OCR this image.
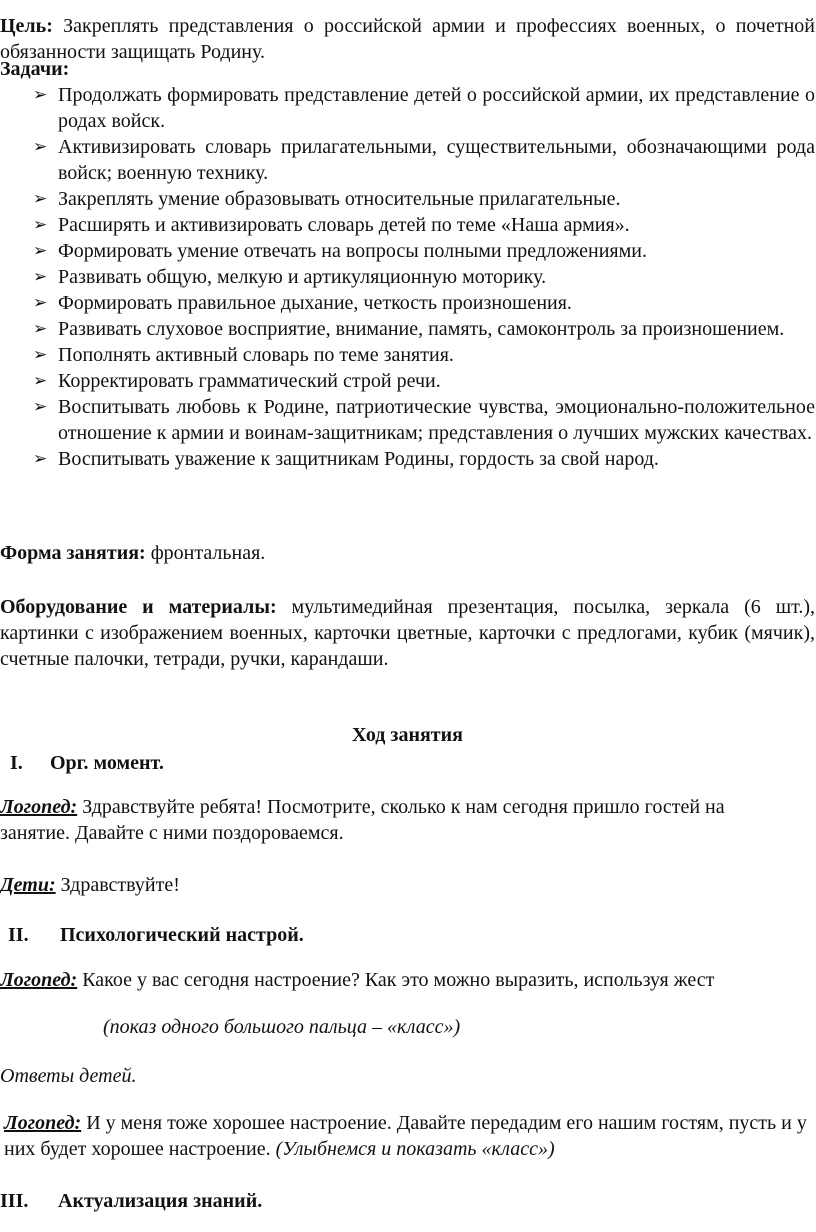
Цель: Закреплять представления о российской армии и профессиях военных, о почетной обязанности защищать Родину.

Задачи:

➢ Продолжать формировать представление детей о российской армии, их представление о родах войск.
➢ Активизировать словарь прилагательными, существительными, обозначающими рода войск; военную технику.
➢ Закреплять умение образовывать относительные прилагательные.
➢ Расширять и активизировать словарь детей по теме «Наша армия».
➢ Формировать умение отвечать на вопросы полными предложениями.
➢ Развивать общую, мелкую и артикуляционную моторику.
➢ Формировать правильное дыхание, четкость произношения.
➢ Развивать слуховое восприятие, внимание, память, самоконтроль за произношением.
➢ Пополнять активный словарь по теме занятия.
➢ Корректировать грамматический строй речи.
➢ Воспитывать любовь к Родине, патриотические чувства, эмоционально-положительное отношение к армии и воинам-защитникам; представления о лучших мужских качествах.
➢ Воспитывать уважение к защитникам Родины, гордость за свой народ.

Форма занятия: фронтальная.

Оборудование и материалы: мультимедийная презентация, посылка, зеркала (6 шт.), картинки с изображением военных, карточки цветные, карточки с предлогами, кубик (мячик), счетные палочки, тетради, ручки, карандаши.

Ход занятия

I. Орг. момент.

Логопед: Здравствуйте ребята! Посмотрите, сколько к нам сегодня пришло гостей на занятие. Давайте с ними поздороваемся.

Дети: Здравствуйте!

II. Психологический настрой.

Логопед: Какое у вас сегодня настроение? Как это можно выразить, используя жест

(показ одного большого пальца – «класс»)

Ответы детей.

Логопед: И у меня тоже хорошее настроение. Давайте передадим его нашим гостям, пусть и у них будет хорошее настроение. (Улыбнемся и показать «класс»)

III. Актуализация знаний.
